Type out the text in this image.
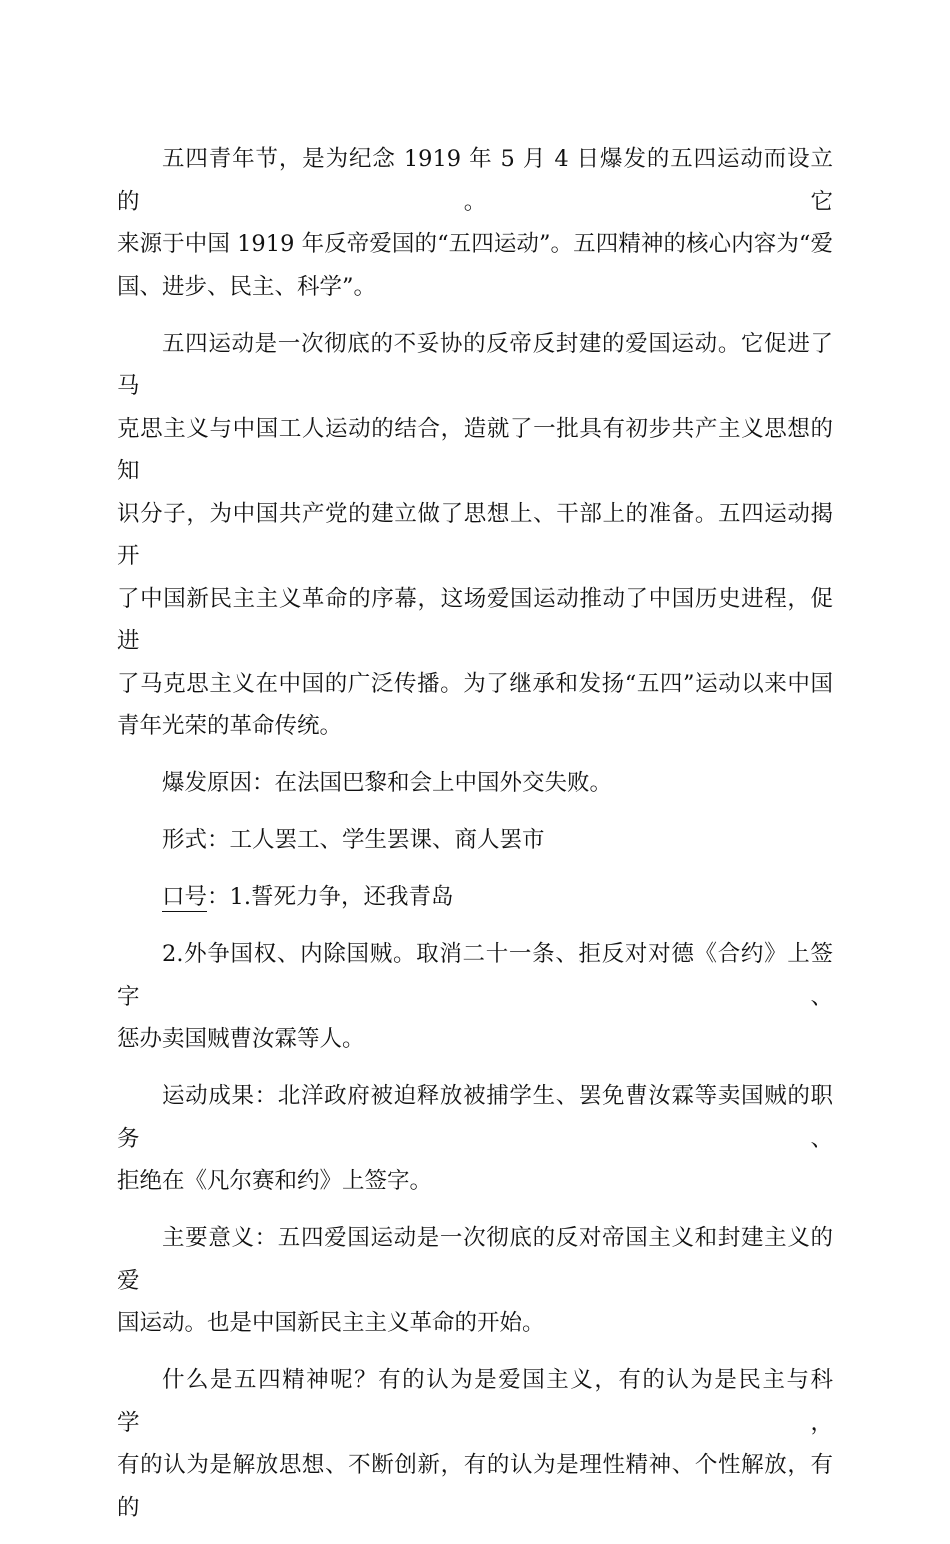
五四青年节，是为纪念 1919 年 5 月 4 日爆发的五四运动而设立的。它
来源于中国 1919 年反帝爱国的“五四运动”。五四精神的核心内容为“爱
国、进步、民主、科学”。

五四运动是一次彻底的不妥协的反帝反封建的爱国运动。它促进了马
克思主义与中国工人运动的结合，造就了一批具有初步共产主义思想的知
识分子，为中国共产党的建立做了思想上、干部上的准备。五四运动揭开
了中国新民主主义革命的序幕，这场爱国运动推动了中国历史进程，促进
了马克思主义在中国的广泛传播。为了继承和发扬“五四”运动以来中国
青年光荣的革命传统。

爆发原因：在法国巴黎和会上中国外交失败。

形式：工人罢工、学生罢课、商人罢市

口号：1.誓死力争，还我青岛

2.外争国权、内除国贼。取消二十一条、拒反对对德《合约》上签字、
惩办卖国贼曹汝霖等人。

运动成果：北洋政府被迫释放被捕学生、罢免曹汝霖等卖国贼的职务、
拒绝在《凡尔赛和约》上签字。

主要意义：五四爱国运动是一次彻底的反对帝国主义和封建主义的爱
国运动。也是中国新民主主义革命的开始。

什么是五四精神呢？有的认为是爱国主义，有的认为是民主与科学，
有的认为是解放思想、不断创新，有的认为是理性精神、个性解放，有的
